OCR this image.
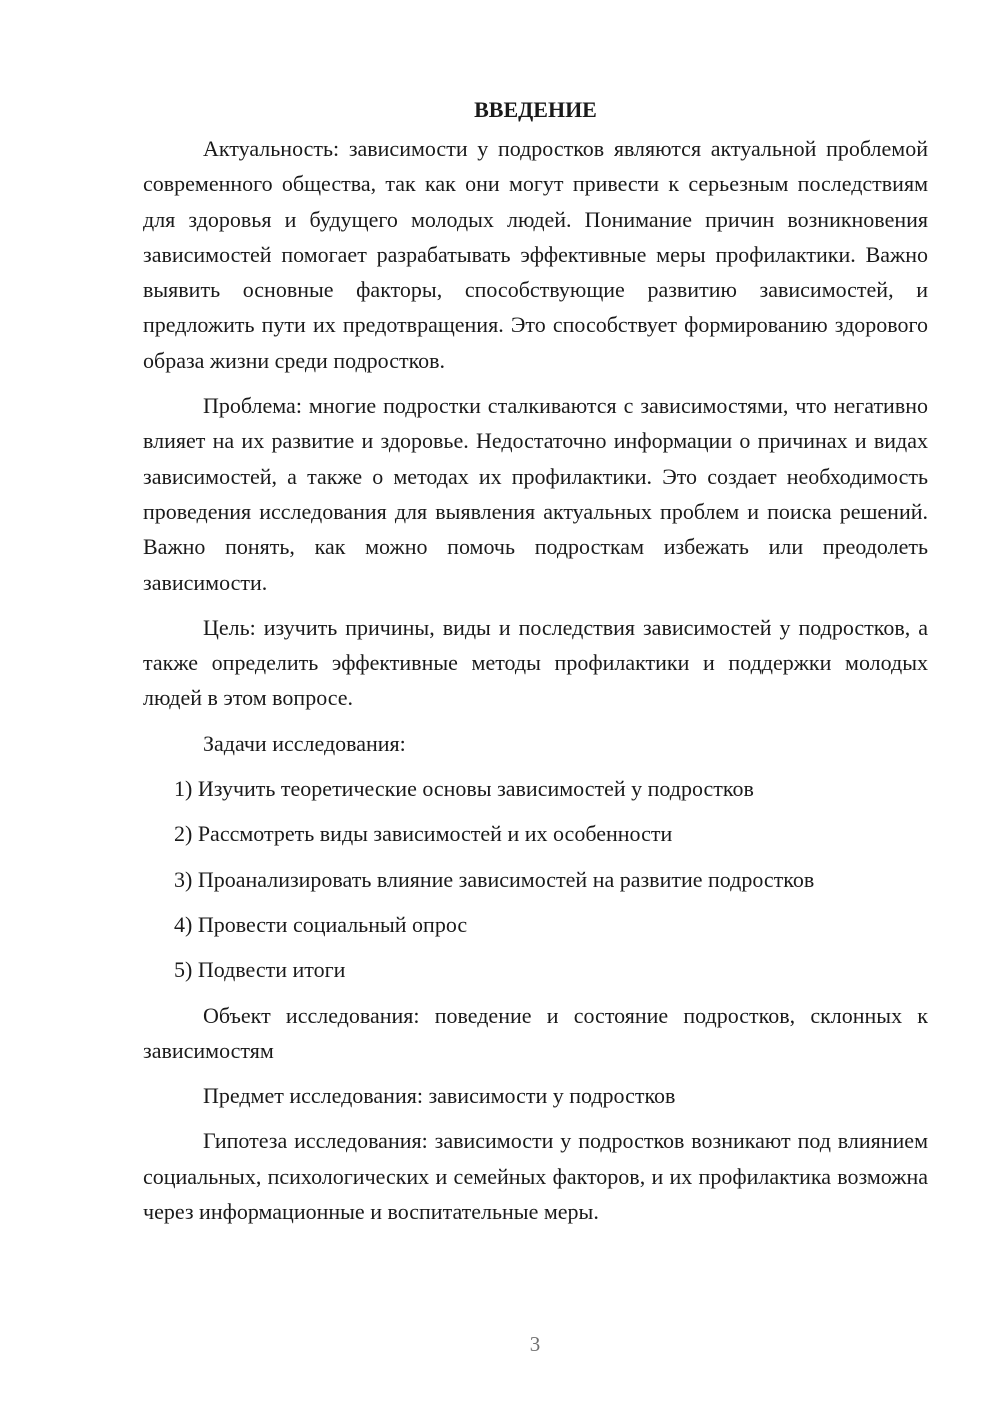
ВВЕДЕНИЕ

Актуальность: зависимости у подростков являются актуальной проблемой современного общества, так как они могут привести к серьезным последствиям для здоровья и будущего молодых людей. Понимание причин возникновения зависимостей помогает разрабатывать эффективные меры профилактики. Важно выявить основные факторы, способствующие развитию зависимостей, и предложить пути их предотвращения. Это способствует формированию здорового образа жизни среди подростков.

Проблема: многие подростки сталкиваются с зависимостями, что негативно влияет на их развитие и здоровье. Недостаточно информации о причинах и видах зависимостей, а также о методах их профилактики. Это создает необходимость проведения исследования для выявления актуальных проблем и поиска решений. Важно понять, как можно помочь подросткам избежать или преодолеть зависимости.

Цель: изучить причины, виды и последствия зависимостей у подростков, а также определить эффективные методы профилактики и поддержки молодых людей в этом вопросе.

Задачи исследования:

1) Изучить теоретические основы зависимостей у подростков
2) Рассмотреть виды зависимостей и их особенности
3) Проанализировать влияние зависимостей на развитие подростков
4) Провести социальный опрос
5) Подвести итоги

Объект исследования: поведение и состояние подростков, склонных к зависимостям

Предмет исследования: зависимости у подростков

Гипотеза исследования: зависимости у подростков возникают под влиянием социальных, психологических и семейных факторов, и их профилактика возможна через информационные и воспитательные меры.

3
